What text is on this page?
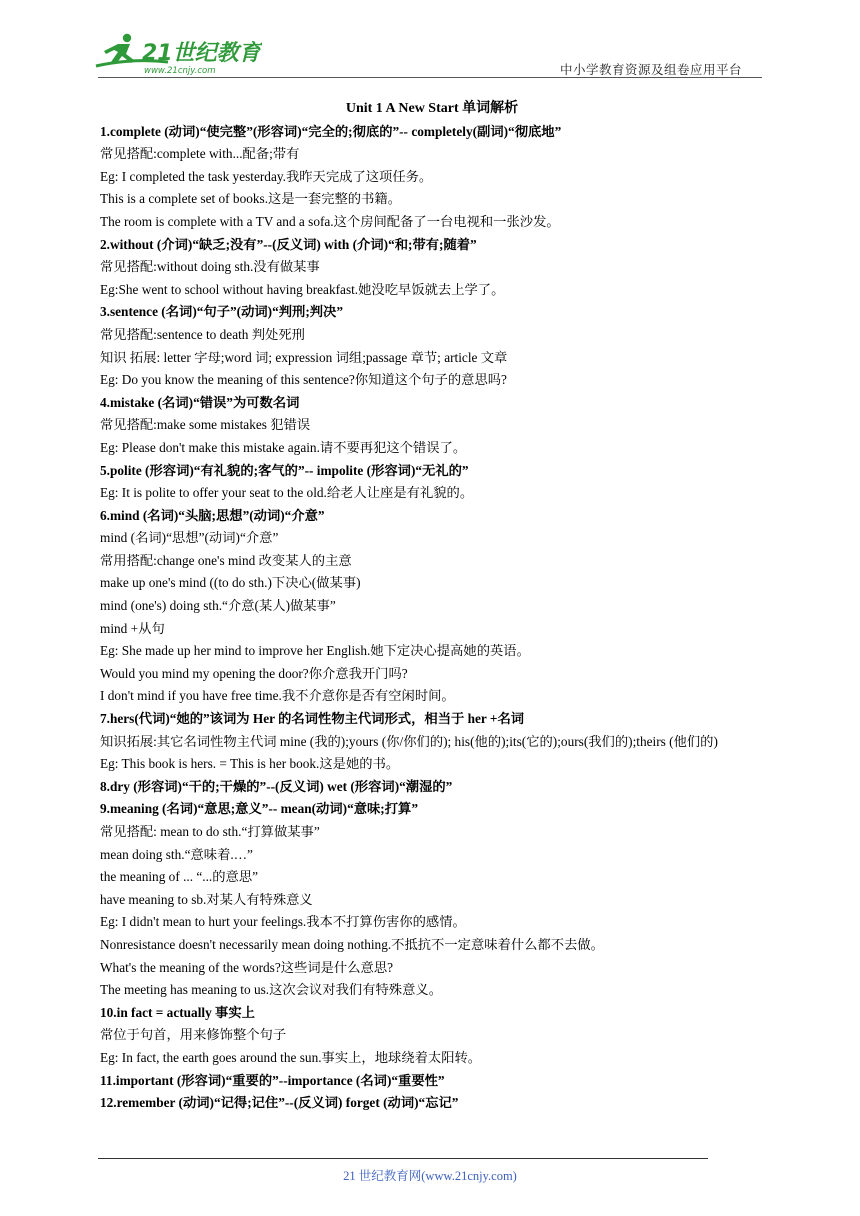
21世纪教育
www.21cnjy.com	中小学教育资源及组卷应用平台
Unit 1 A New Start 单词解析
1.complete (动词)“使完整”(形容词)“完全的;彻底的”-- completely(副词)“彻底地”
常见搭配:complete with...配备;带有
Eg: I completed the task yesterday.我昨天完成了这项任务。
This is a complete set of books.这是一套完整的书籍。
The room is complete with a TV and a sofa.这个房间配备了一台电视和一张沙发。
2.without (介词)“缺乏;没有”--(反义词) with (介词)“和;带有;随着”
常见搭配:without doing sth.没有做某事
Eg:She went to school without having breakfast.她没吃早饭就去上学了。
3.sentence (名词)“句子”(动词)“判刑;判决”
常见搭配:sentence to death 判处死刑
知识 拓展: letter 字母;word 词; expression 词组;passage 章节; article 文章
Eg: Do you know the meaning of this sentence?你知道这个句子的意思吗?
4.mistake (名词)“错误”为可数名词
常见搭配:make some mistakes 犯错误
Eg: Please don't make this mistake again.请不要再犯这个错误了。
5.polite (形容词)“有礼貌的;客气的”-- impolite (形容词)“无礼的”
Eg: It is polite to offer your seat to the old.给老人让座是有礼貌的。
6.mind (名词)“头脑;思想”(动词)“介意”
mind (名词)“思想”(动词)“介意”
常用搭配:change one's mind 改变某人的主意
make up one's mind ((to do sth.)下决心(做某事)
mind (one's) doing sth.“介意(某人)做某事”
mind +从句
Eg: She made up her mind to improve her English.她下定决心提高她的英语。
Would you mind my opening the door?你介意我开门吗?
I don't mind if you have free time.我不介意你是否有空闲时间。
7.hers(代词)“她的”该词为 Her 的名词性物主代词形式，相当于 her +名词
知识拓展:其它名词性物主代词 mine (我的);yours (你/你们的); his(他的);its(它的);ours(我们的);theirs (他们的)
Eg: This book is hers. = This is her book.这是她的书。
8.dry (形容词)“干的;干燥的”--(反义词) wet (形容词)“潮湿的”
9.meaning (名词)“意思;意义”-- mean(动词)“意味;打算”
常见搭配: mean to do sth.“打算做某事”
mean doing sth.“意味着.…”
the meaning of ... “...的意思”
have meaning to sb.对某人有特殊意义
Eg: I didn't mean to hurt your feelings.我本不打算伤害你的感情。
Nonresistance doesn't necessarily mean doing nothing.不抵抗不一定意味着什么都不去做。
What's the meaning of the words?这些词是什么意思?
The meeting has meaning to us.这次会议对我们有特殊意义。
10.in fact = actually 事实上
常位于句首，用来修饰整个句子
Eg: In fact, the earth goes around the sun.事实上，地球绕着太阳转。
11.important (形容词)“重要的”--importance (名词)“重要性”
12.remember (动词)“记得;记住”--(反义词) forget (动词)“忘记”
21 世纪教育网(www.21cnjy.com)
